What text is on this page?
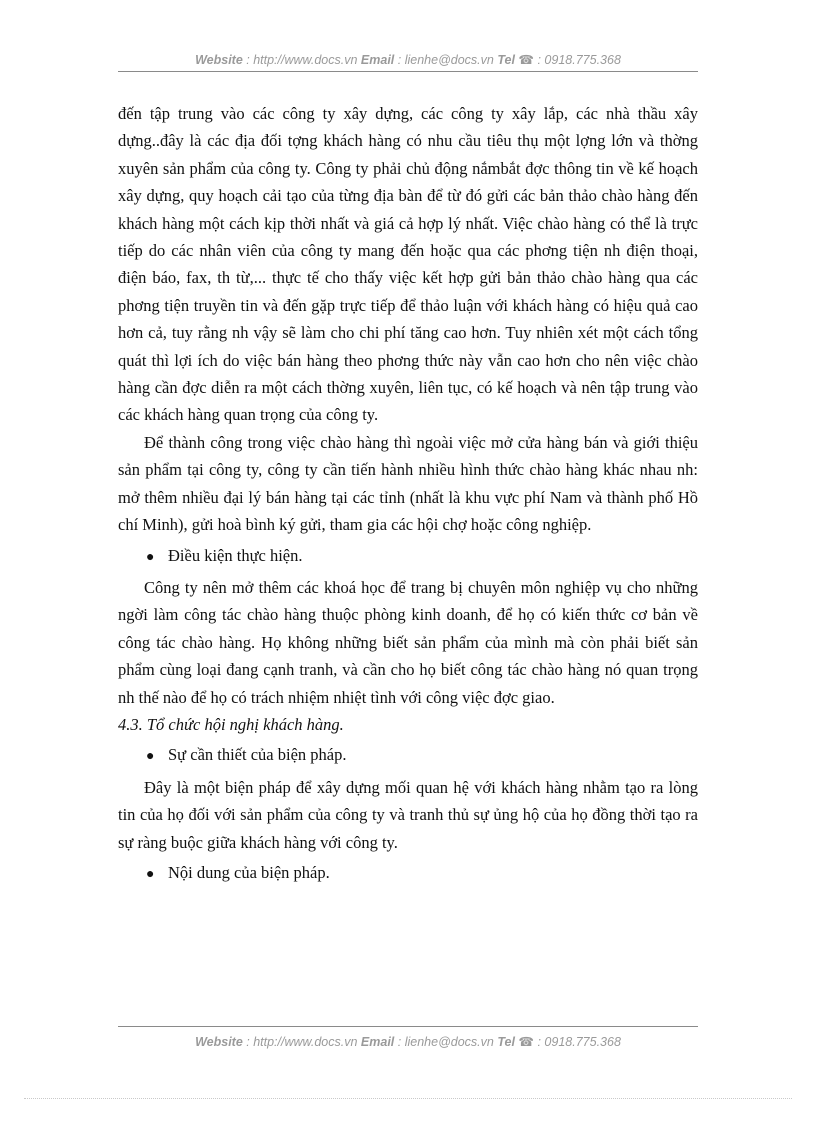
Website : http://www.docs.vn Email : lienhe@docs.vn Tel ☎ : 0918.775.368

đến tập trung vào các công ty xây dựng, các công ty xây lắp, các nhà thầu xây dựng..đây là các địa đối tợng khách hàng có nhu cầu tiêu thụ một lợng lớn và thờng xuyên sản phẩm của công ty. Công ty phải chủ động nắmbắt đợc thông tin về kế hoạch xây dựng, quy hoạch cải tạo của từng địa bàn để từ đó gửi các bản thảo chào hàng đến khách hàng một cách kịp thời nhất và giá cả hợp lý nhất. Việc chào hàng có thể là trực tiếp do các nhân viên của công ty mang đến hoặc qua các phơng tiện nh điện thoại, điện báo, fax, th từ,... thực tế cho thấy việc kết hợp gửi bản thảo chào hàng qua các phơng tiện truyền tin và đến gặp trực tiếp để thảo luận với khách hàng có hiệu quả cao hơn cả, tuy rằng nh vậy sẽ làm cho chi phí tăng cao hơn. Tuy nhiên xét một cách tổng quát thì lợi ích do việc bán hàng theo phơng thức này vẫn cao hơn cho nên việc chào hàng cần đợc diễn ra một cách thờng xuyên, liên tục, có kế hoạch và nên tập trung vào các khách hàng quan trọng của công ty.

Để thành công trong việc chào hàng thì ngoài việc mở cửa hàng bán và giới thiệu sản phẩm tại công ty, công ty cần tiến hành nhiều hình thức chào hàng khác nhau nh: mở thêm nhiều đại lý bán hàng tại các tỉnh (nhất là khu vực phí Nam và thành phố Hồ chí Minh), gửi hoà bình ký gửi, tham gia các hội chợ hoặc công nghiệp.

● Điều kiện thực hiện.

Công ty nên mở thêm các khoá học để trang bị chuyên môn nghiệp vụ cho những ngời làm công tác chào hàng thuộc phòng kinh doanh, để họ có kiến thức cơ bản về công tác chào hàng. Họ không những biết sản phẩm của mình mà còn phải biết sản phẩm cùng loại đang cạnh tranh, và cần cho họ biết công tác chào hàng nó quan trọng nh thế nào để họ có trách nhiệm nhiệt tình với công việc đợc giao.

4.3. Tổ chức hội nghị khách hàng.

● Sự cần thiết của biện pháp.

Đây là một biện pháp để xây dựng mối quan hệ với khách hàng nhằm tạo ra lòng tin của họ đối với sản phẩm của công ty và tranh thủ sự ủng hộ của họ đồng thời tạo ra sự ràng buộc giữa khách hàng với công ty.

● Nội dung của biện pháp.
Website : http://www.docs.vn Email : lienhe@docs.vn Tel ☎ : 0918.775.368
